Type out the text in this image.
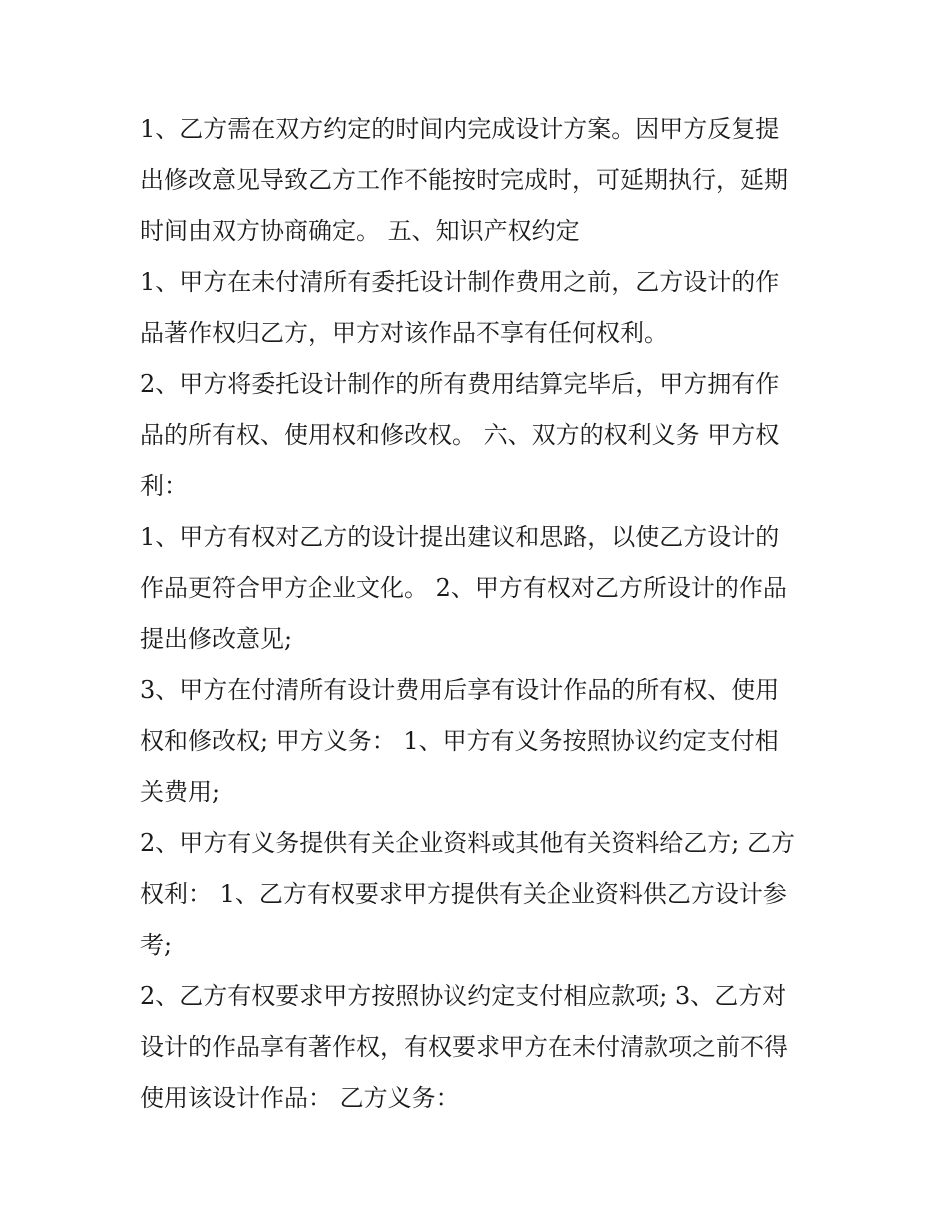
1、乙方需在双方约定的时间内完成设计方案。因甲方反复提
出修改意见导致乙方工作不能按时完成时，可延期执行，延期
时间由双方协商确定。 五、知识产权约定
1、甲方在未付清所有委托设计制作费用之前，乙方设计的作
品著作权归乙方，甲方对该作品不享有任何权利。
2、甲方将委托设计制作的所有费用结算完毕后，甲方拥有作
品的所有权、使用权和修改权。 六、双方的权利义务 甲方权
利：
1、甲方有权对乙方的设计提出建议和思路，以使乙方设计的
作品更符合甲方企业文化。 2、甲方有权对乙方所设计的作品
提出修改意见;
3、甲方在付清所有设计费用后享有设计作品的所有权、使用
权和修改权; 甲方义务： 1、甲方有义务按照协议约定支付相
关费用;
2、甲方有义务提供有关企业资料或其他有关资料给乙方; 乙方
权利： 1、乙方有权要求甲方提供有关企业资料供乙方设计参
考;
2、乙方有权要求甲方按照协议约定支付相应款项; 3、乙方对
设计的作品享有著作权，有权要求甲方在未付清款项之前不得
使用该设计作品： 乙方义务：
